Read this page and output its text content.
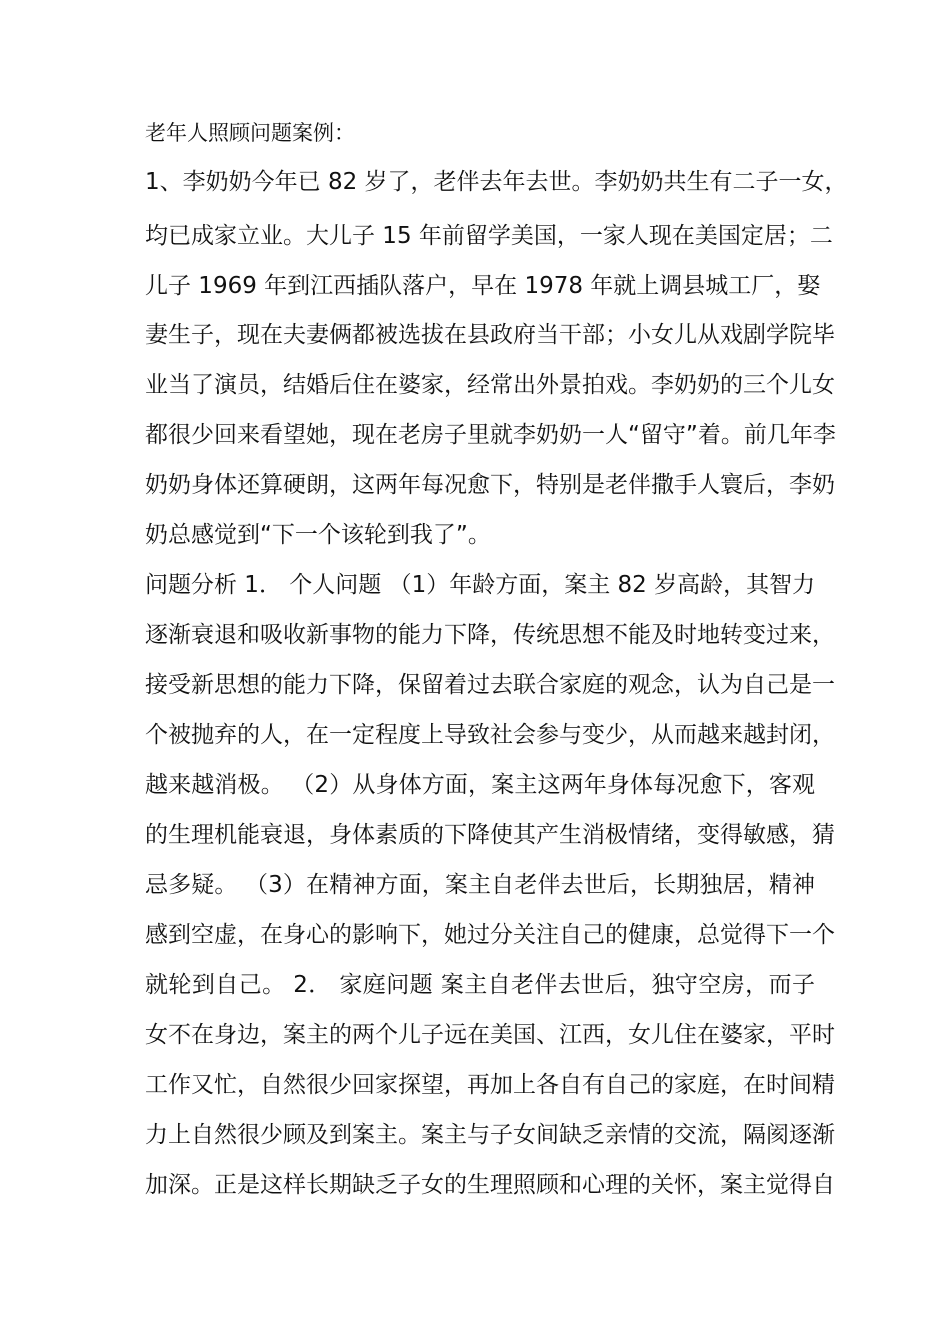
老年人照顾问题案例：
1、李奶奶今年已 82 岁了，老伴去年去世。李奶奶共生有二子一女，
均已成家立业。大儿子 15 年前留学美国，一家人现在美国定居；二
儿子 1969 年到江西插队落户，早在 1978 年就上调县城工厂，娶
妻生子，现在夫妻俩都被选拔在县政府当干部；小女儿从戏剧学院毕
业当了演员，结婚后住在婆家，经常出外景拍戏。李奶奶的三个儿女
都很少回来看望她，现在老房子里就李奶奶一人“留守”着。前几年李
奶奶身体还算硬朗，这两年每况愈下，特别是老伴撒手人寰后，李奶
奶总感觉到“下一个该轮到我了”。
问题分析 1． 个人问题 （1）年龄方面，案主 82 岁高龄，其智力
逐渐衰退和吸收新事物的能力下降，传统思想不能及时地转变过来，
接受新思想的能力下降，保留着过去联合家庭的观念，认为自己是一
个被抛弃的人，在一定程度上导致社会参与变少，从而越来越封闭，
越来越消极。 （2）从身体方面，案主这两年身体每况愈下，客观
的生理机能衰退，身体素质的下降使其产生消极情绪，变得敏感，猜
忌多疑。 （3）在精神方面，案主自老伴去世后，长期独居，精神
感到空虚，在身心的影响下，她过分关注自己的健康，总觉得下一个
就轮到自己。 2． 家庭问题 案主自老伴去世后，独守空房，而子
女不在身边，案主的两个儿子远在美国、江西，女儿住在婆家，平时
工作又忙，自然很少回家探望，再加上各自有自己的家庭，在时间精
力上自然很少顾及到案主。案主与子女间缺乏亲情的交流，隔阂逐渐
加深。正是这样长期缺乏子女的生理照顾和心理的关怀，案主觉得自
